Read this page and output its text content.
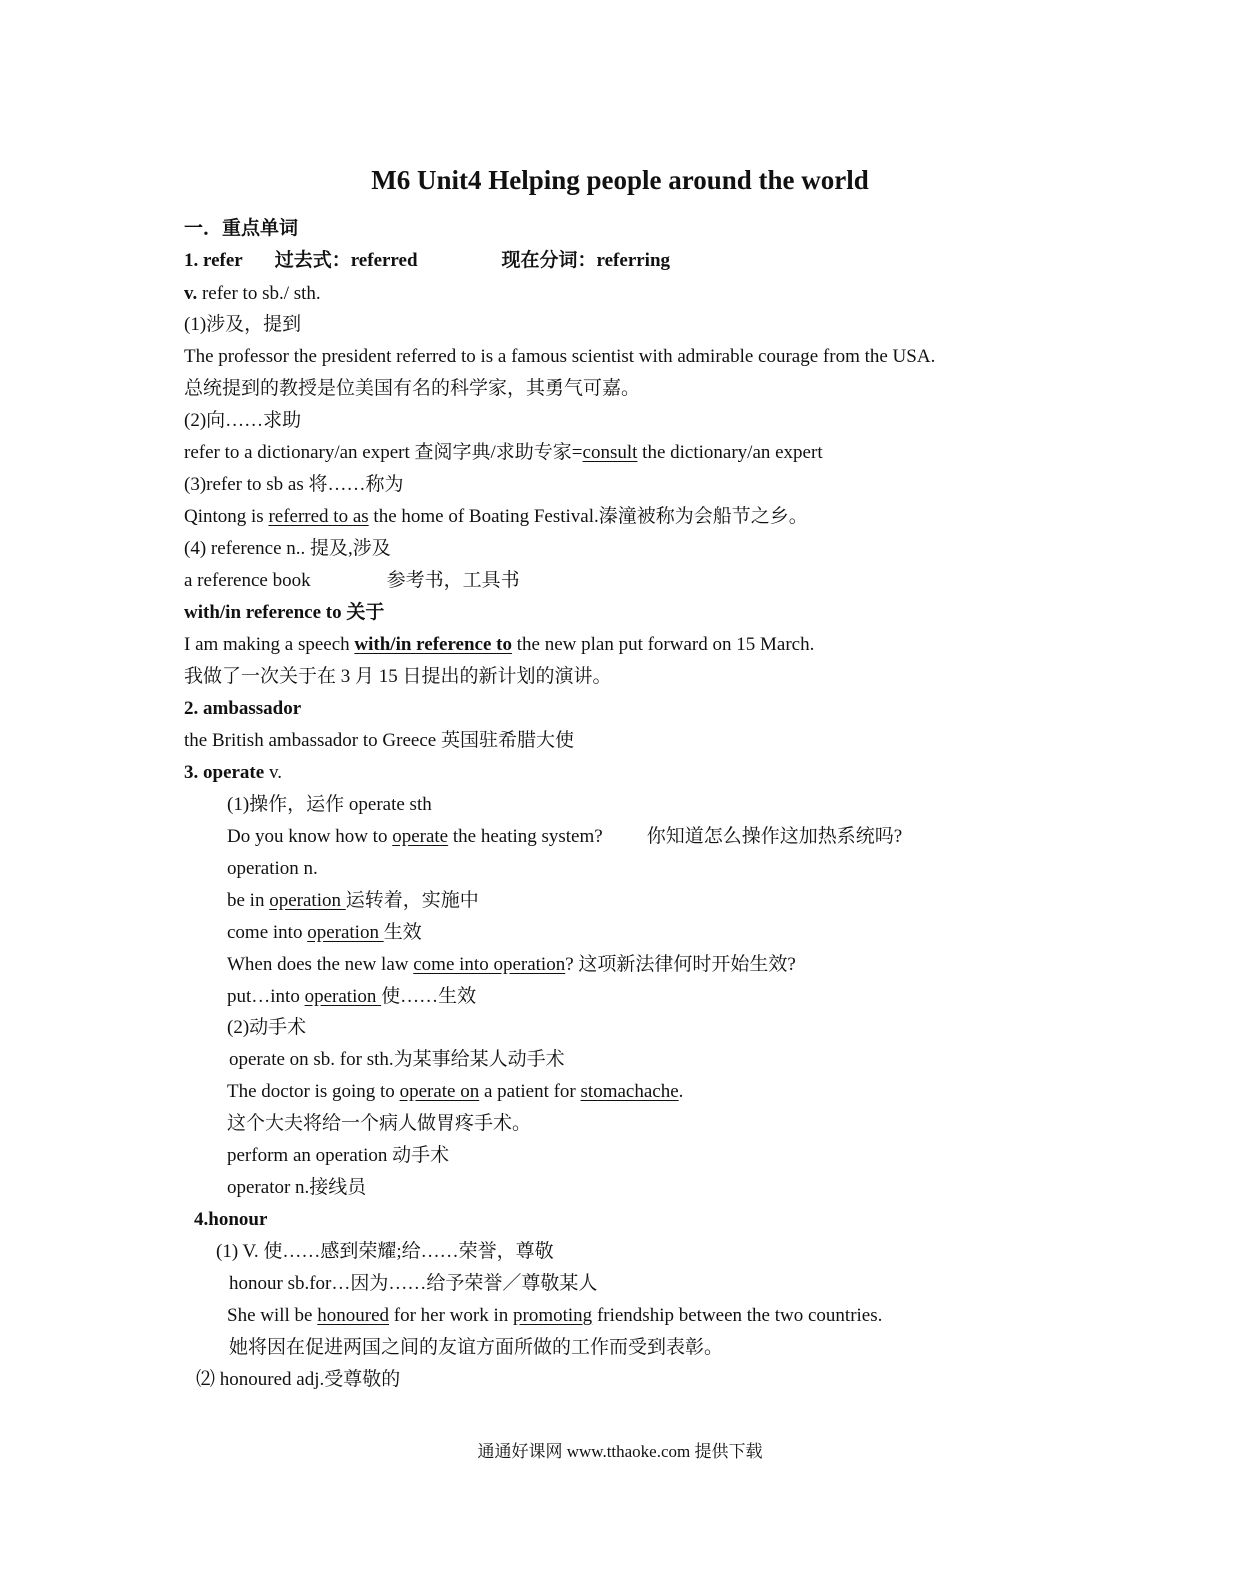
M6 Unit4 Helping people around the world
一．重点单词
1. refer 过去式：referred	现在分词：referring
v. refer to sb./ sth.
(1)涉及，提到
The professor the president referred to is a famous scientist with admirable courage from the USA.
总统提到的教授是位美国有名的科学家，其勇气可嘉。
(2)向……求助
refer to a dictionary/an expert 查阅字典/求助专家=consult the dictionary/an expert
(3)refer to sb as 将……称为
Qintong is referred to as the home of Boating Festival.溱潼被称为会船节之乡。
(4) reference n.. 提及,涉及
a reference book	参考书，工具书
with/in reference to 关于
I am making a speech with/in reference to the new plan put forward on 15 March.
我做了一次关于在 3 月 15 日提出的新计划的演讲。
2. ambassador
the British ambassador to Greece 英国驻希腊大使
3. operate v.
(1)操作，运作 operate sth
Do you know how to operate the heating system? 你知道怎么操作这加热系统吗?
operation n.
be in operation 运转着，实施中
come into operation 生效
When does the new law come into operation? 这项新法律何时开始生效?
put…into operation 使……生效
(2)动手术
operate on sb. for sth.为某事给某人动手术
The doctor is going to operate on a patient for stomachache.
这个大夫将给一个病人做胃疼手术。
perform an operation 动手术
operator n.接线员
4.honour
(1) V. 使……感到荣耀;给……荣誉，尊敬
honour sb.for…因为……给予荣誉／尊敬某人
She will be honoured for her work in promoting friendship between the two countries.
她将因在促进两国之间的友谊方面所做的工作而受到表彰。
⑵ honoured adj.受尊敬的
通通好课网 www.tthaoke.com 提供下载
